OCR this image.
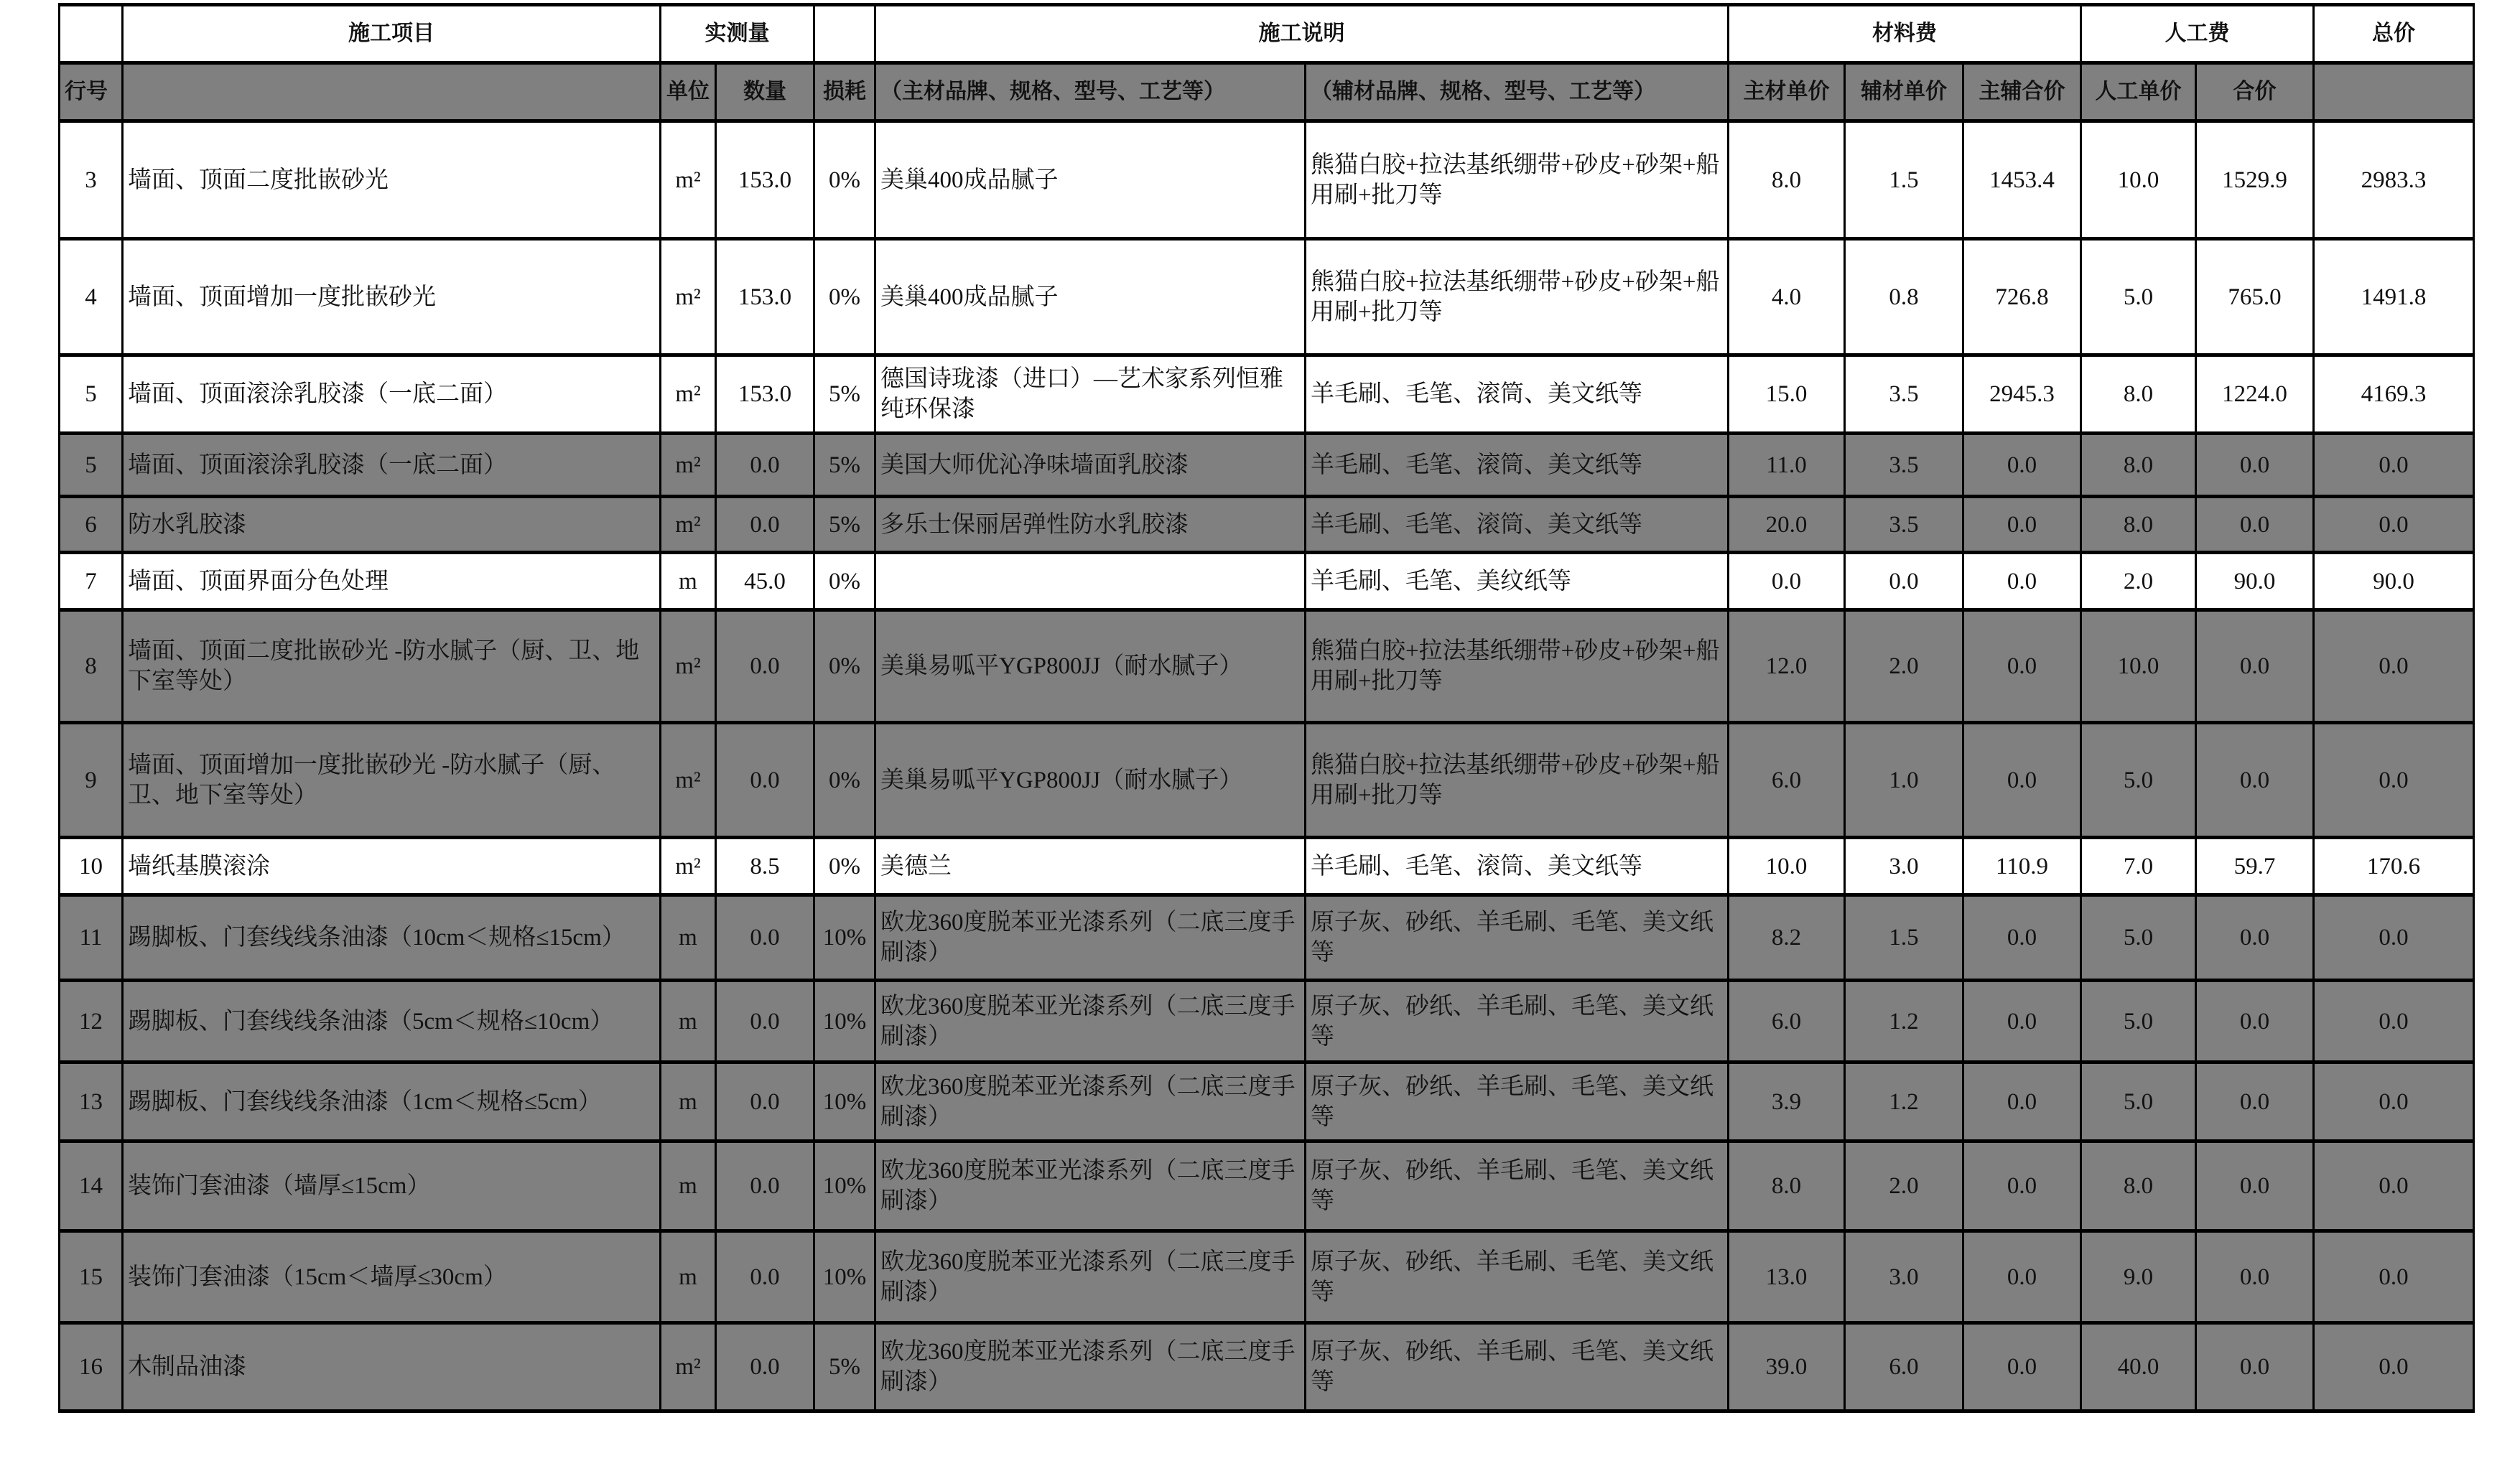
	施工项目	实测量			施工说明		材料费			人工费		总价
行号		单位	数量	损耗	（主材品牌、规格、型号、工艺等）	（辅材品牌、规格、型号、工艺等）	主材单价	辅材单价	主辅合价	人工单价	合价	
3	墙面、顶面二度批嵌砂光	m²	153.0	0%	美巢400成品腻子	熊猫白胶+拉法基纸绷带+砂皮+砂架+船用刷+批刀等	8.0	1.5	1453.4	10.0	1529.9	2983.3
4	墙面、顶面增加一度批嵌砂光	m²	153.0	0%	美巢400成品腻子	熊猫白胶+拉法基纸绷带+砂皮+砂架+船用刷+批刀等	4.0	0.8	726.8	5.0	765.0	1491.8
5	墙面、顶面滚涂乳胶漆（一底二面）	m²	153.0	5%	德国诗珑漆（进口）—艺术家系列恒雅纯环保漆	羊毛刷、毛笔、滚筒、美文纸等	15.0	3.5	2945.3	8.0	1224.0	4169.3
5	墙面、顶面滚涂乳胶漆（一底二面）	m²	0.0	5%	美国大师优沁净味墙面乳胶漆	羊毛刷、毛笔、滚筒、美文纸等	11.0	3.5	0.0	8.0	0.0	0.0
6	防水乳胶漆	m²	0.0	5%	多乐士保丽居弹性防水乳胶漆	羊毛刷、毛笔、滚筒、美文纸等	20.0	3.5	0.0	8.0	0.0	0.0
7	墙面、顶面界面分色处理	m	45.0	0%		羊毛刷、毛笔、美纹纸等	0.0	0.0	0.0	2.0	90.0	90.0
8	墙面、顶面二度批嵌砂光 -防水腻子（厨、卫、地下室等处）	m²	0.0	0%	美巢易呱平YGP800JJ（耐水腻子）	熊猫白胶+拉法基纸绷带+砂皮+砂架+船用刷+批刀等	12.0	2.0	0.0	10.0	0.0	0.0
9	墙面、顶面增加一度批嵌砂光 -防水腻子（厨、卫、地下室等处）	m²	0.0	0%	美巢易呱平YGP800JJ（耐水腻子）	熊猫白胶+拉法基纸绷带+砂皮+砂架+船用刷+批刀等	6.0	1.0	0.0	5.0	0.0	0.0
10	墙纸基膜滚涂	m²	8.5	0%	美德兰	羊毛刷、毛笔、滚筒、美文纸等	10.0	3.0	110.9	7.0	59.7	170.6
11	踢脚板、门套线线条油漆（10cm＜规格≤15cm）	m	0.0	10%	欧龙360度脱苯亚光漆系列（二底三度手刷漆）	原子灰、砂纸、羊毛刷、毛笔、美文纸等	8.2	1.5	0.0	5.0	0.0	0.0
12	踢脚板、门套线线条油漆（5cm＜规格≤10cm）	m	0.0	10%	欧龙360度脱苯亚光漆系列（二底三度手刷漆）	原子灰、砂纸、羊毛刷、毛笔、美文纸等	6.0	1.2	0.0	5.0	0.0	0.0
13	踢脚板、门套线线条油漆（1cm＜规格≤5cm）	m	0.0	10%	欧龙360度脱苯亚光漆系列（二底三度手刷漆）	原子灰、砂纸、羊毛刷、毛笔、美文纸等	3.9	1.2	0.0	5.0	0.0	0.0
14	装饰门套油漆（墙厚≤15cm）	m	0.0	10%	欧龙360度脱苯亚光漆系列（二底三度手刷漆）	原子灰、砂纸、羊毛刷、毛笔、美文纸等	8.0	2.0	0.0	8.0	0.0	0.0
15	装饰门套油漆（15cm＜墙厚≤30cm）	m	0.0	10%	欧龙360度脱苯亚光漆系列（二底三度手刷漆）	原子灰、砂纸、羊毛刷、毛笔、美文纸等	13.0	3.0	0.0	9.0	0.0	0.0
16	木制品油漆	m²	0.0	5%	欧龙360度脱苯亚光漆系列（二底三度手刷漆）	原子灰、砂纸、羊毛刷、毛笔、美文纸等	39.0	6.0	0.0	40.0	0.0	0.0
